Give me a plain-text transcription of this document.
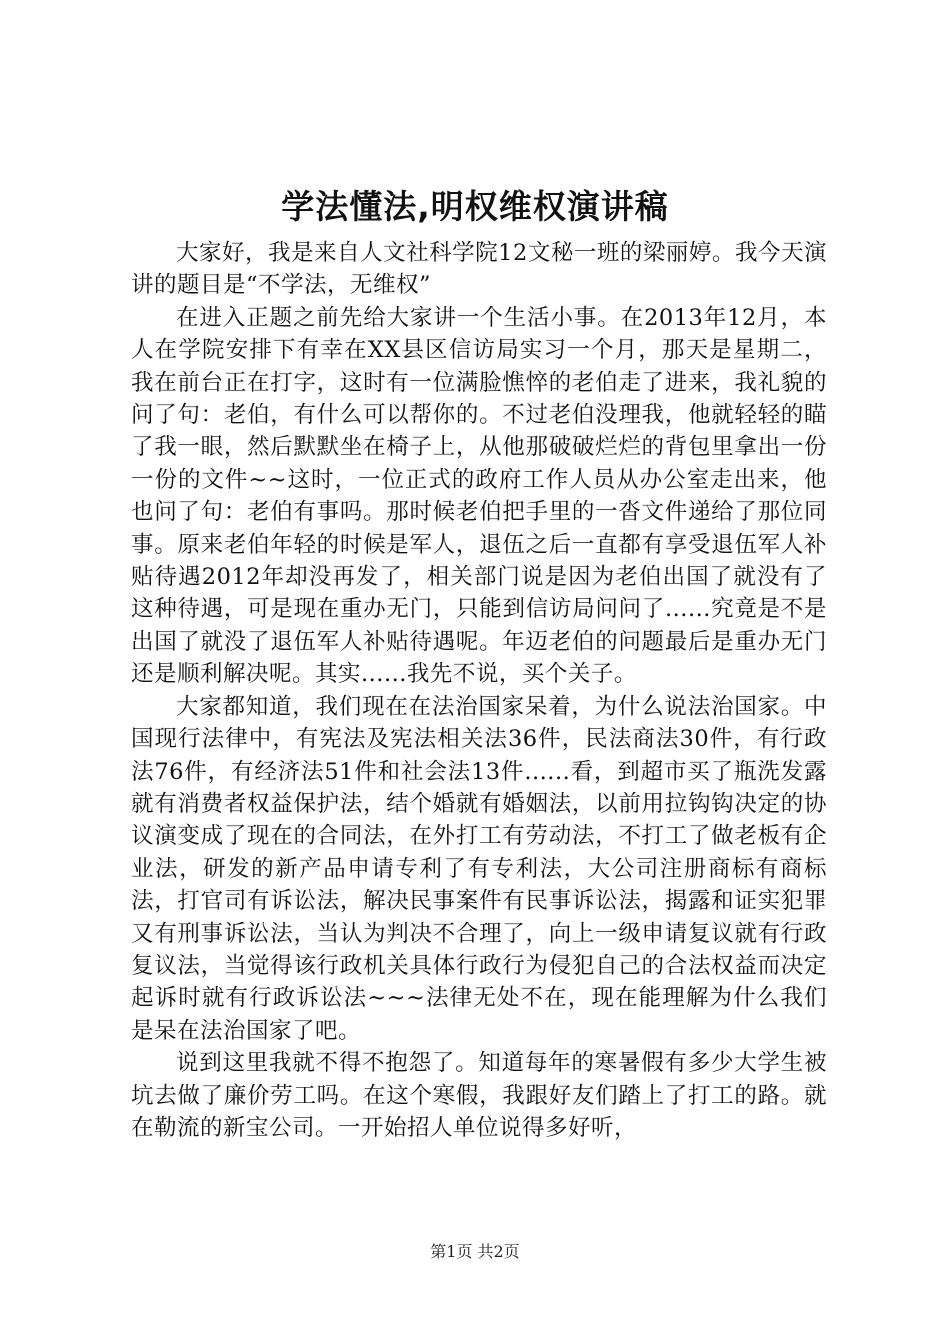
学法懂法,明权维权演讲稿

大家好，我是来自人文社科学院12文秘一班的梁丽婷。我今天演讲的题目是“不学法，无维权”

在进入正题之前先给大家讲一个生活小事。在2013年12月，本人在学院安排下有幸在XX县区信访局实习一个月，那天是星期二，我在前台正在打字，这时有一位满脸憔悴的老伯走了进来，我礼貌的问了句：老伯，有什么可以帮你的。不过老伯没理我，他就轻轻的瞄了我一眼，然后默默坐在椅子上，从他那破破烂烂的背包里拿出一份一份的文件~~这时，一位正式的政府工作人员从办公室走出来，他也问了句：老伯有事吗。那时候老伯把手里的一沓文件递给了那位同事。原来老伯年轻的时候是军人，退伍之后一直都有享受退伍军人补贴待遇2012年却没再发了，相关部门说是因为老伯出国了就没有了这种待遇，可是现在重办无门，只能到信访局问问了......究竟是不是出国了就没了退伍军人补贴待遇呢。年迈老伯的问题最后是重办无门还是顺利解决呢。其实......我先不说，买个关子。

大家都知道，我们现在在法治国家呆着，为什么说法治国家。中国现行法律中，有宪法及宪法相关法36件，民法商法30件，有行政法76件，有经济法51件和社会法13件......看，到超市买了瓶洗发露就有消费者权益保护法，结个婚就有婚姻法，以前用拉钩钩决定的协议演变成了现在的合同法，在外打工有劳动法，不打工了做老板有企业法，研发的新产品申请专利了有专利法，大公司注册商标有商标法，打官司有诉讼法，解决民事案件有民事诉讼法，揭露和证实犯罪又有刑事诉讼法，当认为判决不合理了，向上一级申请复议就有行政复议法，当觉得该行政机关具体行政行为侵犯自己的合法权益而决定起诉时就有行政诉讼法~~~法律无处不在，现在能理解为什么我们是呆在法治国家了吧。

说到这里我就不得不抱怨了。知道每年的寒暑假有多少大学生被坑去做了廉价劳工吗。在这个寒假，我跟好友们踏上了打工的路。就在勒流的新宝公司。一开始招人单位说得多好听，

第1页 共2页
